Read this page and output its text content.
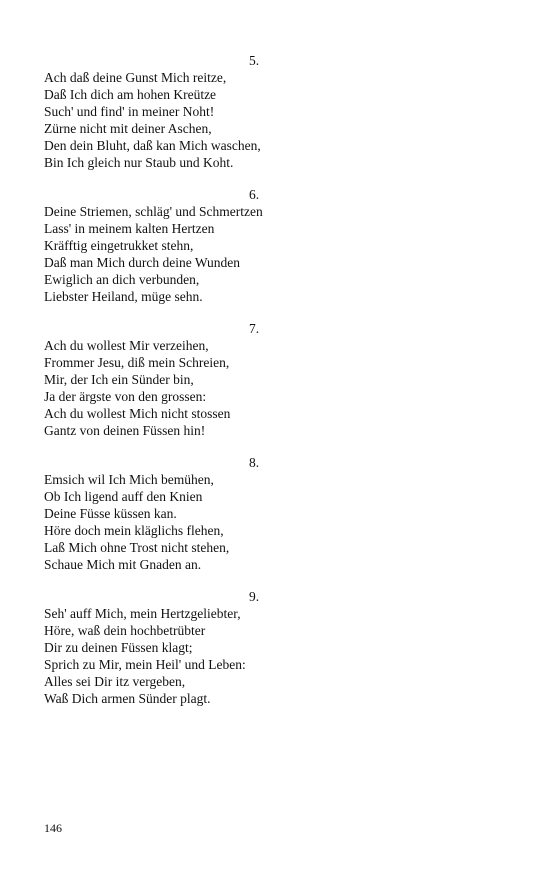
5.
Ach daß deine Gunst Mich reitze,
Daß Ich dich am hohen Kreütze
Such' und find' in meiner Noht!
Zürne nicht mit deiner Aschen,
Den dein Bluht, daß kan Mich waschen,
Bin Ich gleich nur Staub und Koht.
6.
Deine Striemen, schläg' und Schmertzen
Lass' in meinem kalten Hertzen
Kräfftig eingetrukket stehn,
Daß man Mich durch deine Wunden
Ewiglich an dich verbunden,
Liebster Heiland, müge sehn.
7.
Ach du wollest Mir verzeihen,
Frommer Jesu, diß mein Schreien,
Mir, der Ich ein Sünder bin,
Ja der ärgste von den grossen:
Ach du wollest Mich nicht stossen
Gantz von deinen Füssen hin!
8.
Emsich wil Ich Mich bemühen,
Ob Ich ligend auff den Knien
Deine Füsse küssen kan.
Höre doch mein kläglichs flehen,
Laß Mich ohne Trost nicht stehen,
Schaue Mich mit Gnaden an.
9.
Seh' auff Mich, mein Hertzgeliebter,
Höre, waß dein hochbetrübter
Dir zu deinen Füssen klagt;
Sprich zu Mir, mein Heil' und Leben:
Alles sei Dir itz vergeben,
Waß Dich armen Sünder plagt.
146
